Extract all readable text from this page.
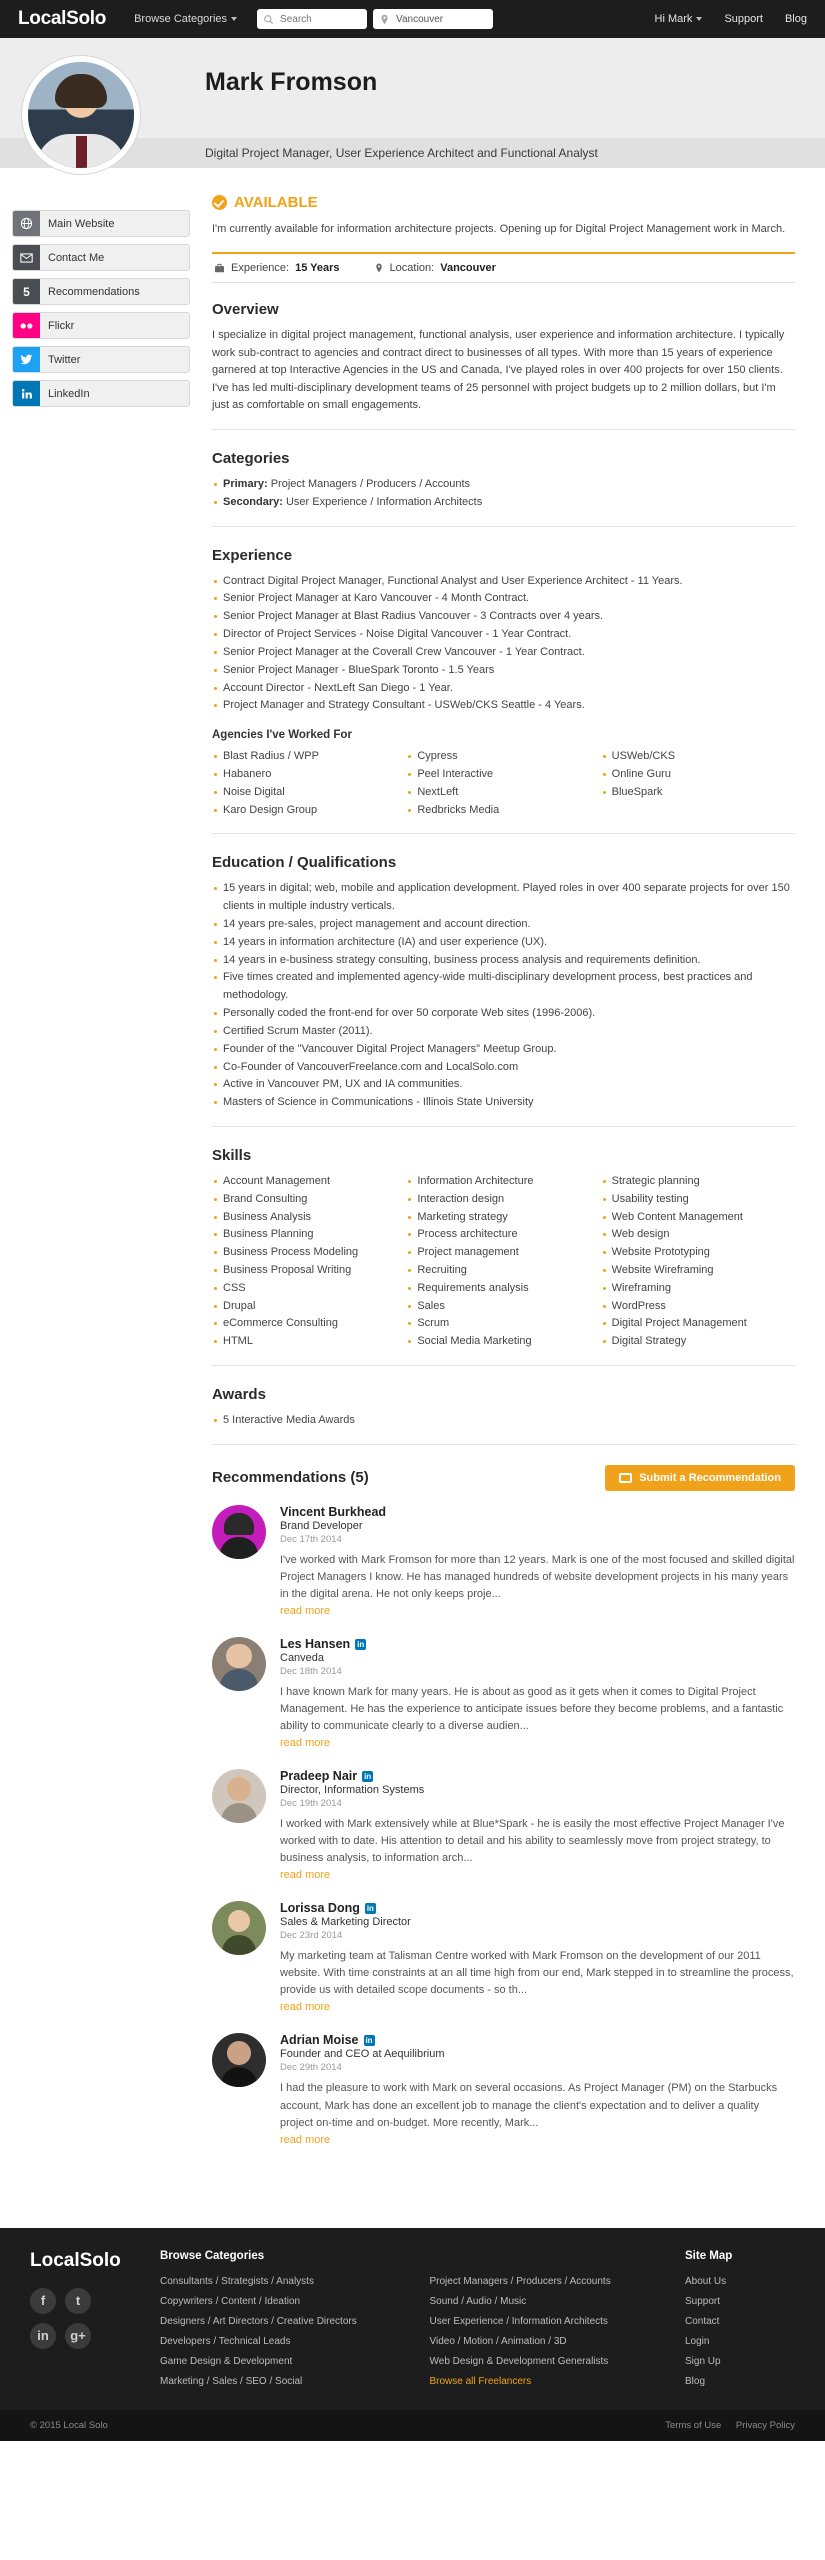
LocalSolo	Browse Categories
Search
Vancouver	Hi Mark	Support Blog
Mark Fromson
Digital Project Manager, User Experience Architect and Functional Analyst
Main Website
Contact Me
5	Recommendations
Flickr
Twitter
LinkedIn
AVAILABLE
I'm currently available for information architecture projects. Opening up for Digital Project Management work in March.
Experience: 15 Years	Location: Vancouver
Overview

I specialize in digital project management, functional analysis, user experience and information architecture. I typically work sub-contract to agencies and contract direct to businesses of all types. With more than 15 years of experience garnered at top Interactive Agencies in the US and Canada, I've played roles in over 400 projects for over 150 clients. I've has led multi-disciplinary development teams of 25 personnel with project budgets up to 2 million dollars, but I'm just as comfortable on small engagements.

Categories
Primary: Project Managers / Producers / Accounts
Secondary: User Experience / Information Architects
Experience
Contract Digital Project Manager, Functional Analyst and User Experience Architect - 11 Years.
Senior Project Manager at Karo Vancouver - 4 Month Contract.
Senior Project Manager at Blast Radius Vancouver - 3 Contracts over 4 years.
Director of Project Services - Noise Digital Vancouver - 1 Year Contract.
Senior Project Manager at the Coverall Crew Vancouver - 1 Year Contract.
Senior Project Manager - BlueSpark Toronto - 1.5 Years
Account Director - NextLeft San Diego - 1 Year.
Project Manager and Strategy Consultant - USWeb/CKS Seattle - 4 Years.
Agencies I've Worked For
Blast Radius / WPP
Habanero
Noise Digital
Karo Design Group
Cypress
Peel Interactive
NextLeft
Redbricks Media
USWeb/CKS
Online Guru
BlueSpark
Education / Qualifications
15 years in digital; web, mobile and application development. Played roles in over 400 separate projects for over 150 clients in multiple industry verticals.
14 years pre-sales, project management and account direction.
14 years in information architecture (IA) and user experience (UX).
14 years in e-business strategy consulting, business process analysis and requirements definition.
Five times created and implemented agency-wide multi-disciplinary development process, best practices and methodology.
Personally coded the front-end for over 50 corporate Web sites (1996-2006).
Certified Scrum Master (2011).
Founder of the "Vancouver Digital Project Managers" Meetup Group.
Co-Founder of VancouverFreelance.com and LocalSolo.com
Active in Vancouver PM, UX and IA communities.
Masters of Science in Communications - Illinois State University
Skills
Account Management
Brand Consulting
Business Analysis
Business Planning
Business Process Modeling
Business Proposal Writing
CSS
Drupal
eCommerce Consulting
HTML
Information Architecture
Interaction design
Marketing strategy
Process architecture
Project management
Recruiting
Requirements analysis
Sales
Scrum
Social Media Marketing
Strategic planning
Usability testing
Web Content Management
Web design
Website Prototyping
Website Wireframing
Wireframing
WordPress
Digital Project Management
Digital Strategy
Awards
5 Interactive Media Awards
Recommendations (5)	Submit a Recommendation
Vincent Burkhead
Brand Developer
Dec 17th 2014
I've worked with Mark Fromson for more than 12 years. Mark is one of the most focused and skilled digital Project Managers I know. He has managed hundreds of website development projects in his many years in the digital arena. He not only keeps proje...
read more
Les Hansen in
Canveda
Dec 18th 2014
I have known Mark for many years. He is about as good as it gets when it comes to Digital Project Management. He has the experience to anticipate issues before they become problems, and a fantastic ability to communicate clearly to a diverse audien...
read more
Pradeep Nair in
Director, Information Systems
Dec 19th 2014
I worked with Mark extensively while at Blue*Spark - he is easily the most effective Project Manager I've worked with to date. His attention to detail and his ability to seamlessly move from project strategy, to business analysis, to information arch...
read more
Lorissa Dong in
Sales & Marketing Director
Dec 23rd 2014
My marketing team at Talisman Centre worked with Mark Fromson on the development of our 2011 website. With time constraints at an all time high from our end, Mark stepped in to streamline the process, provide us with detailed scope documents - so th...
read more
Adrian Moise in
Founder and CEO at Aequilibrium
Dec 29th 2014
I had the pleasure to work with Mark on several occasions. As Project Manager (PM) on the Starbucks account, Mark has done an excellent job to manage the client's expectation and to deliver a quality project on-time and on-budget. More recently, Mark...
read more
LocalSolo
f	t
in	g+
Browse Categories
Consultants / Strategists / Analysts
Copywriters / Content / Ideation
Designers / Art Directors / Creative Directors
Developers / Technical Leads
Game Design & Development
Marketing / Sales / SEO / Social
Project Managers / Producers / Accounts
Sound / Audio / Music
User Experience / Information Architects
Video / Motion / Animation / 3D
Web Design & Development Generalists
Browse all Freelancers
Site Map
About Us
Support
Contact
Login
Sign Up
Blog
© 2015 Local Solo	Terms of Use Privacy Policy
